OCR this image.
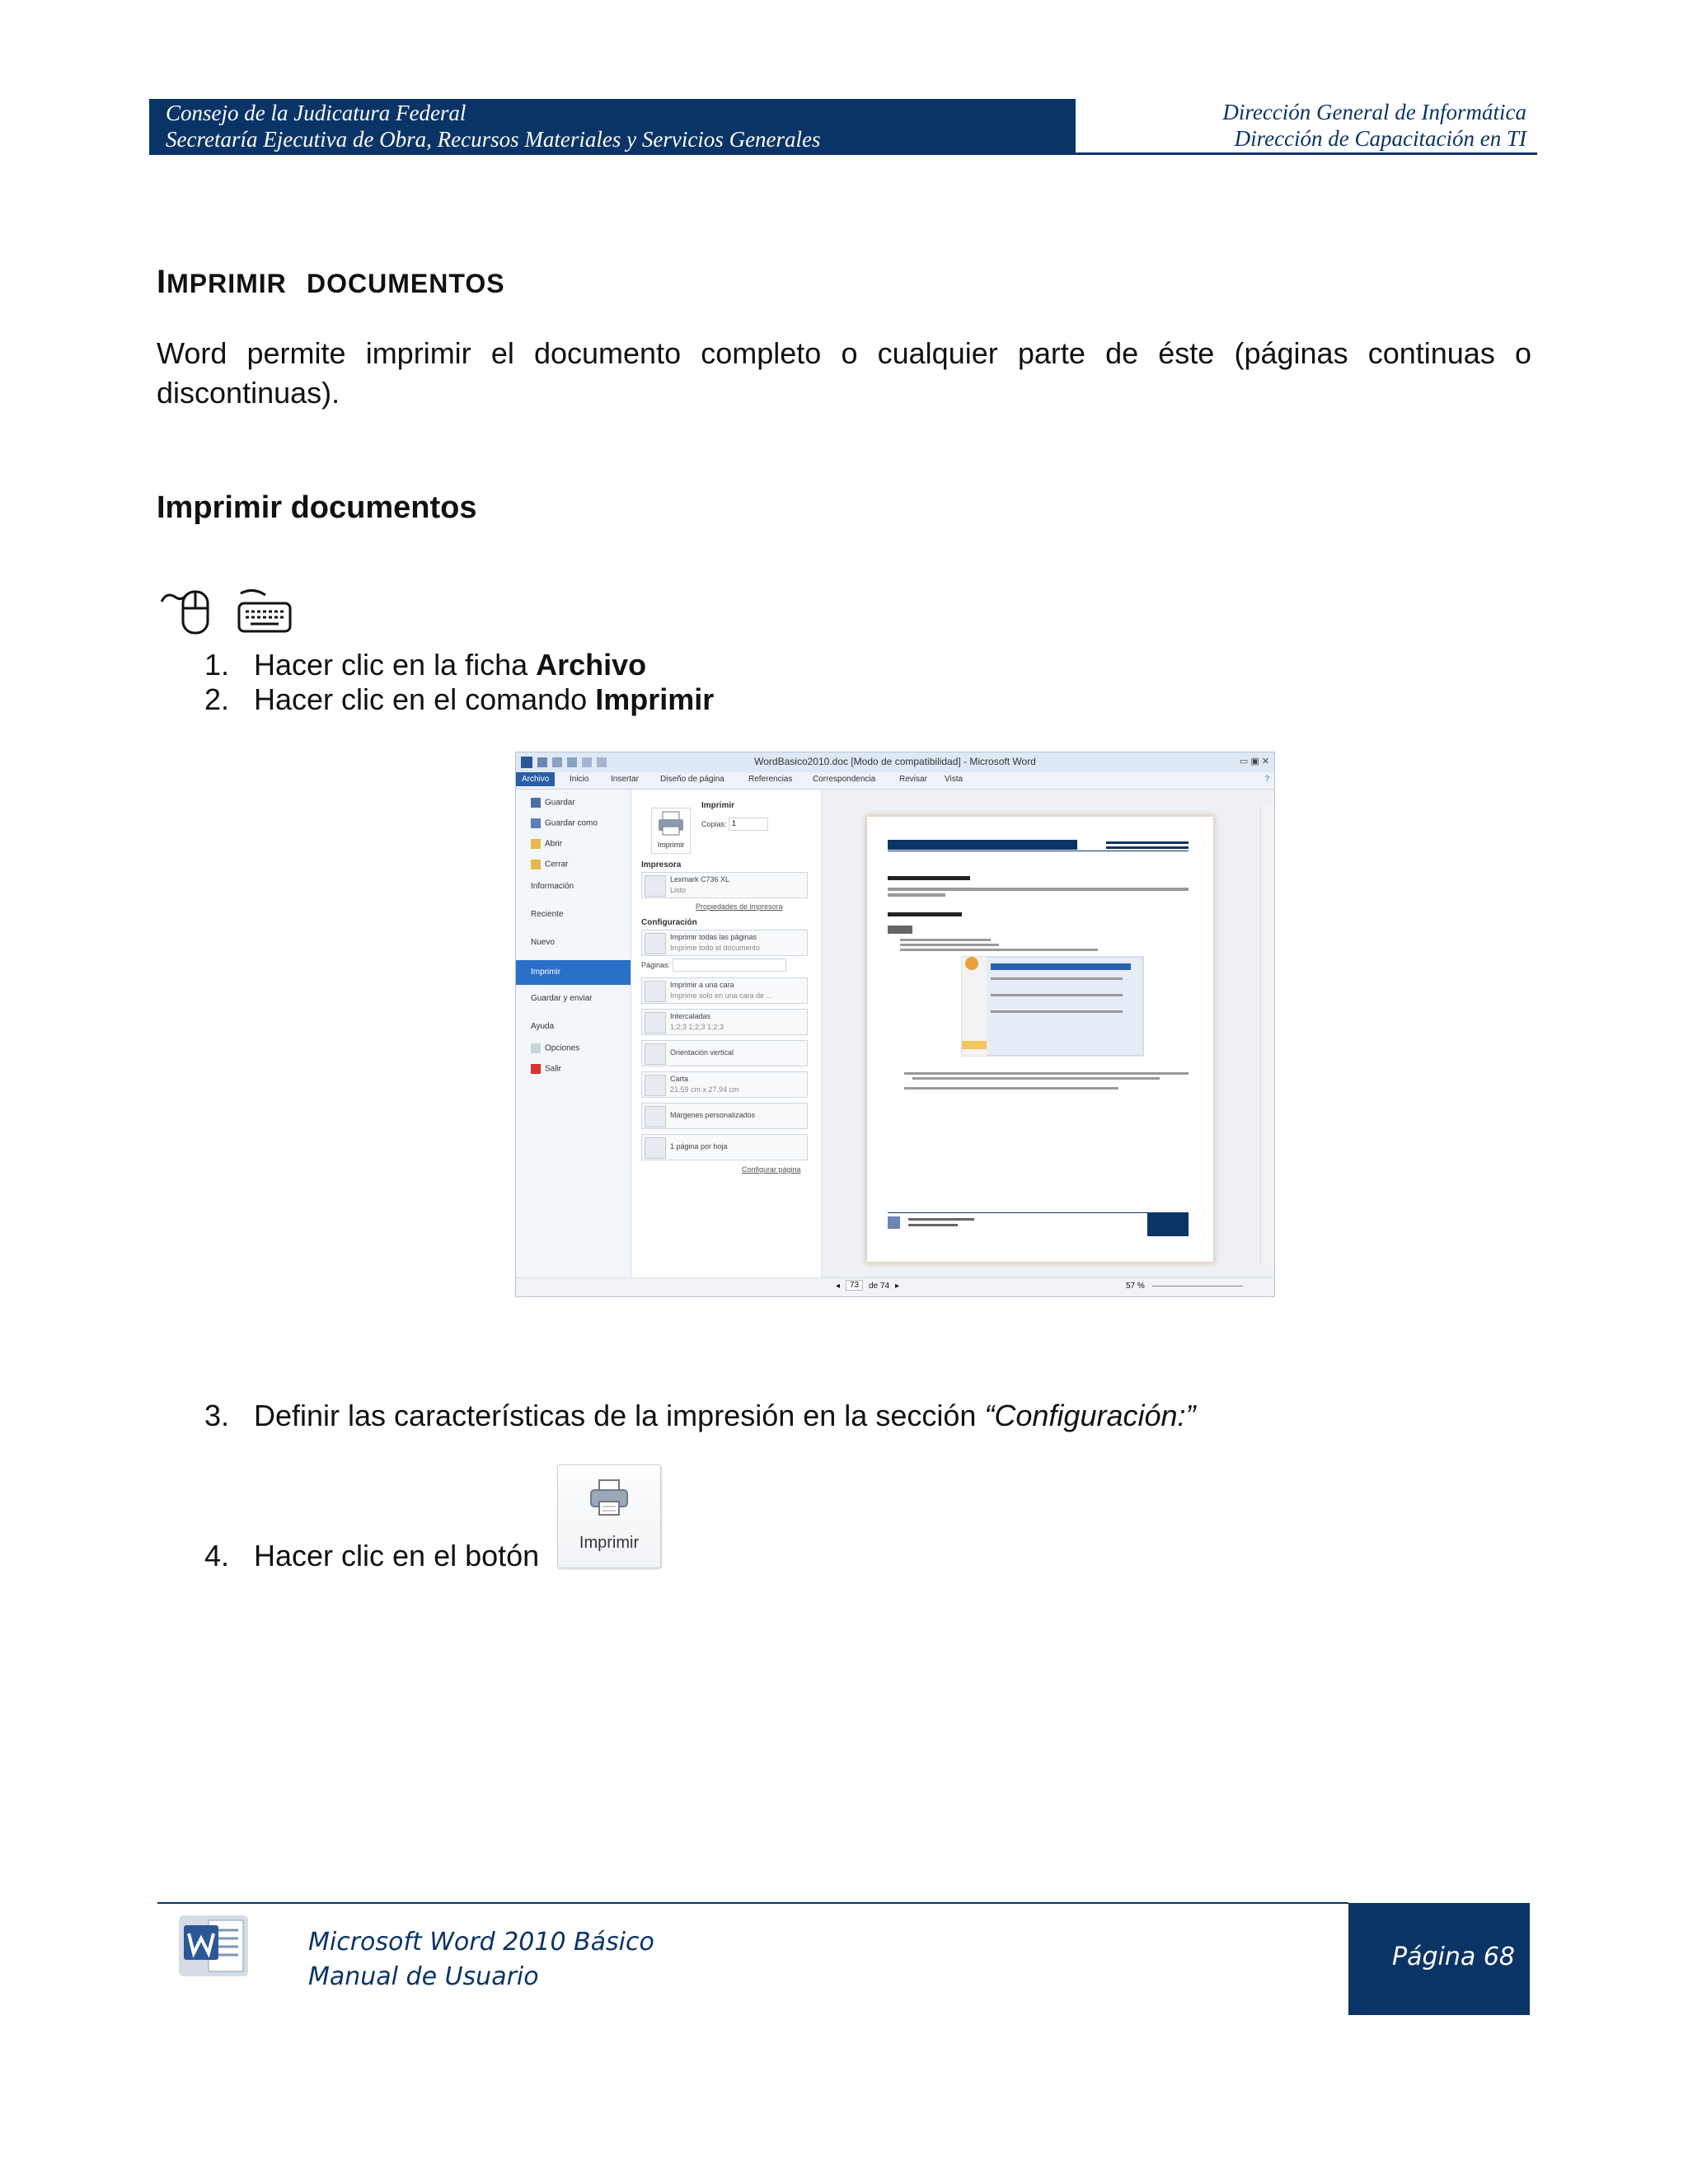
Consejo de la Judicatura Federal
Secretaría Ejecutiva de Obra, Recursos Materiales y Servicios Generales
Dirección General de Informática
Dirección de Capacitación en TI
IMPRIMIR DOCUMENTOS
Word permite imprimir el documento completo o cualquier parte de éste (páginas continuas o discontinuas).
Imprimir documentos
1. Hacer clic en la ficha Archivo
2. Hacer clic en el comando Imprimir
WordBasico2010.doc [Modo de compatibilidad] - Microsoft Word	▭ ▣ ✕
Archivo	Inicio	Insertar	Diseño de página	Referencias Correspondencia	Revisar Vista	?
Guardar
Guardar como
Abrir
Cerrar
Información
Reciente
Nuevo
Imprimir
Guardar y enviar
Ayuda
Opciones
Salir
Imprimir
Imprimir
Copias: 1
Impresora
Lexmark C736 XL
Listo
Propiedades de impresora
Configuración
Imprimir todas las páginas
Imprime todo el documento
Páginas:
Imprimir a una cara
Imprime solo en una cara de ...
Intercaladas
1;2;3 1;2;3 1;2;3
Orientación vertical
Carta
21.59 cm x 27.94 cm
Márgenes personalizados
1 página por hoja
Configurar página
◂	73	de 74 ▸	57 %
3. Definir las características de la impresión en la sección “Configuración:”
Imprimir
4. Hacer clic en el botón
Microsoft Word 2010 Básico
Manual de Usuario
Página 68
